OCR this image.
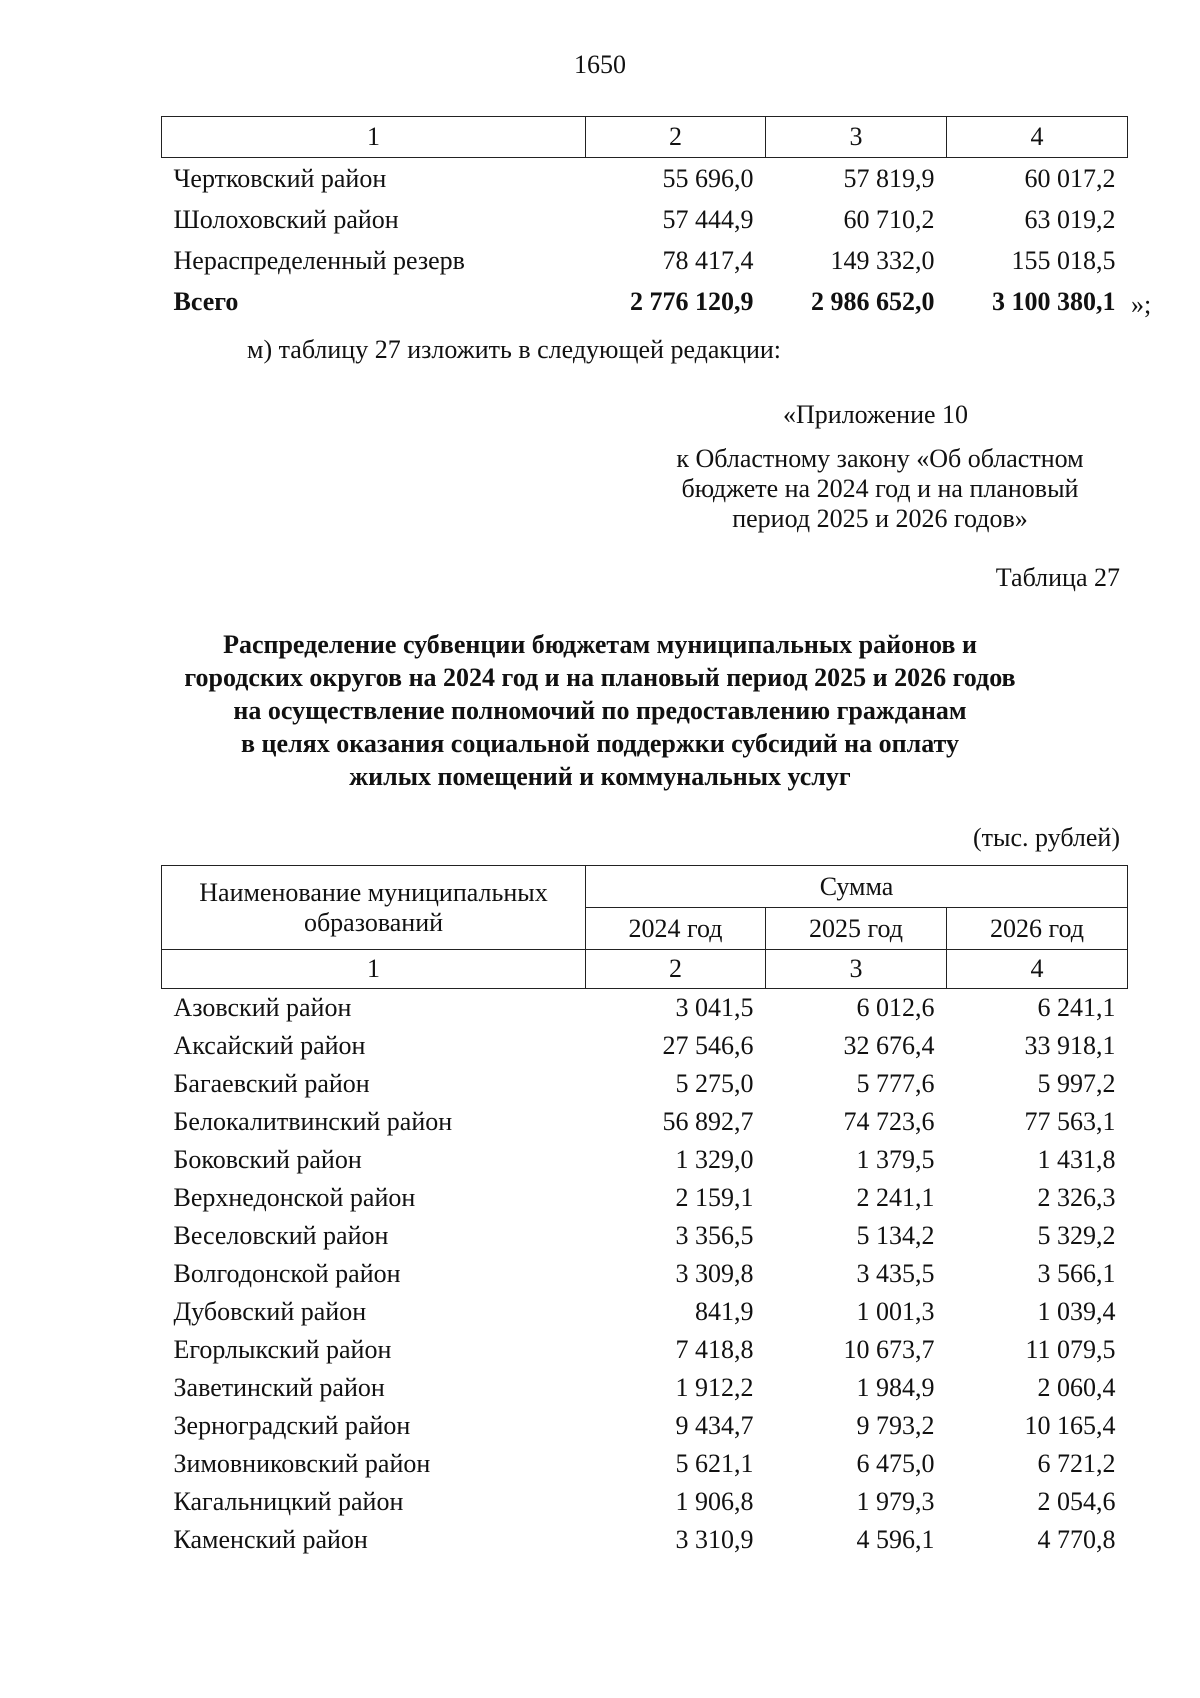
1650
1	2	3	4
Чертковский район	55 696,0	57 819,9	60 017,2
Шолоховский район	57 444,9	60 710,2	63 019,2
Нераспределенный резерв	78 417,4	149 332,0	155 018,5
Всего	2 776 120,9	2 986 652,0	3 100 380,1 »;
м) таблицу 27 изложить в следующей редакции:
«Приложение 10
к Областному закону «Об областном
бюджете на 2024 год и на плановый
период 2025 и 2026 годов»
Таблица 27
Распределение субвенции бюджетам муниципальных районов и
городских округов на 2024 год и на плановый период 2025 и 2026 годов
на осуществление полномочий по предоставлению гражданам
в целях оказания социальной поддержки субсидий на оплату
жилых помещений и коммунальных услуг
(тыс. рублей)
Наименование муниципальных
образований	Сумма		
	2024 год	2025 год	2026 год
1	2	3	4
Азовский район	3 041,5	6 012,6	6 241,1
Аксайский район	27 546,6	32 676,4	33 918,1
Багаевский район	5 275,0	5 777,6	5 997,2
Белокалитвинский район	56 892,7	74 723,6	77 563,1
Боковский район	1 329,0	1 379,5	1 431,8
Верхнедонской район	2 159,1	2 241,1	2 326,3
Веселовский район	3 356,5	5 134,2	5 329,2
Волгодонской район	3 309,8	3 435,5	3 566,1
Дубовский район	841,9	1 001,3	1 039,4
Егорлыкский район	7 418,8	10 673,7	11 079,5
Заветинский район	1 912,2	1 984,9	2 060,4
Зерноградский район	9 434,7	9 793,2	10 165,4
Зимовниковский район	5 621,1	6 475,0	6 721,2
Кагальницкий район	1 906,8	1 979,3	2 054,6
Каменский район	3 310,9	4 596,1	4 770,8
